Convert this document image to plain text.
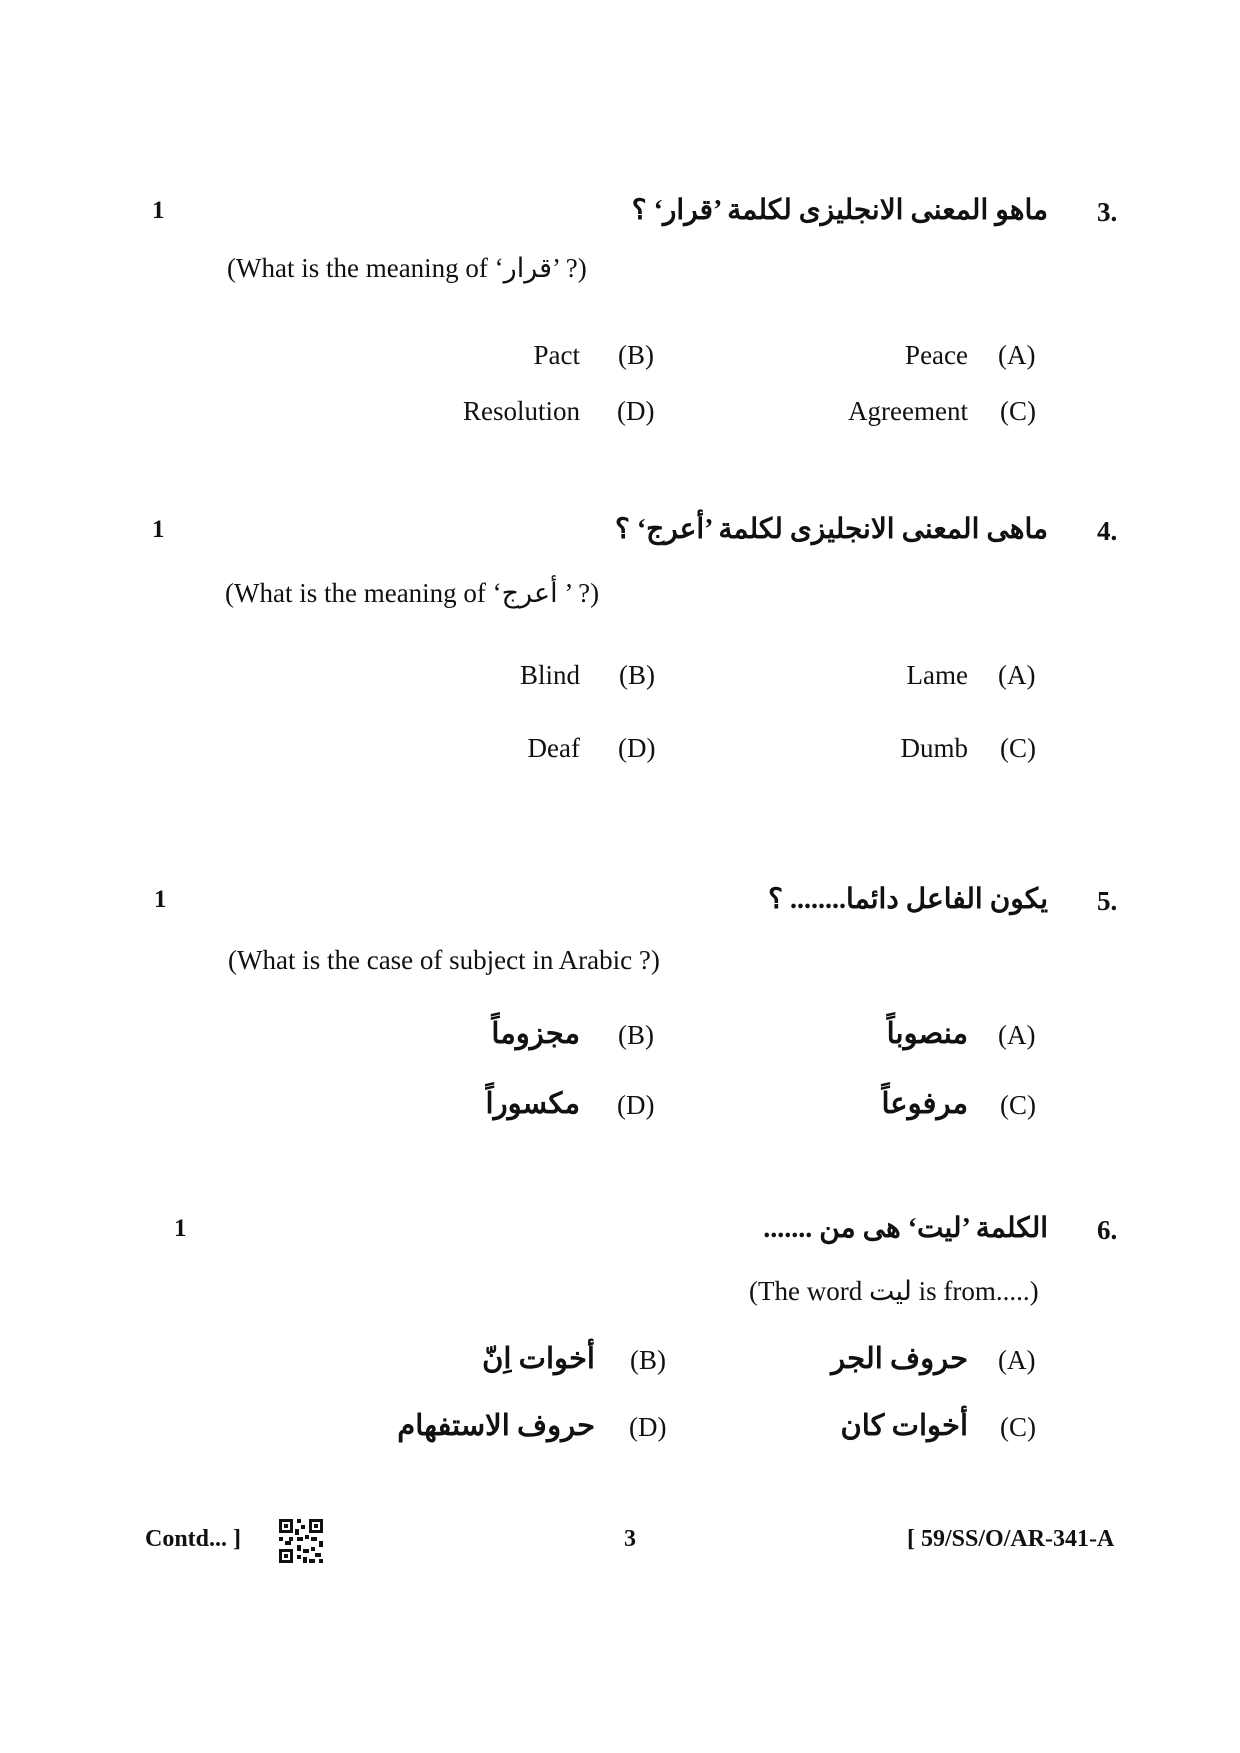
1	3.
ماهو المعنى الانجليزى لكلمة ’قرار‘ ؟
(What is the meaning of ‘قرار’ ?)
(A)
Peace
(B)
Pact
(C)
Agreement
(D)
Resolution
1	4.
ماهى المعنى الانجليزى لكلمة ’أعرج‘ ؟
(What is the meaning of ‘أعرج ’ ?)
(A)
Lame
(B)
Blind
(C)
Dumb
(D)
Deaf
1	5.
يكون الفاعل دائما........ ؟
(What is the case of subject in Arabic ?)
(A)
منصوباً
(B)
مجزوماً
(C)
مرفوعاً
(D)
مكسوراً
1	6.
الكلمة ’ليت‘ هى من .......
(The word ليت is from.....)
(A)
حروف الجر
(B)
أخوات اِنّ
(C)
أخوات كان
(D)
حروف الاستفهام
Contd... ]	3	[ 59/SS/O/AR-341-A
